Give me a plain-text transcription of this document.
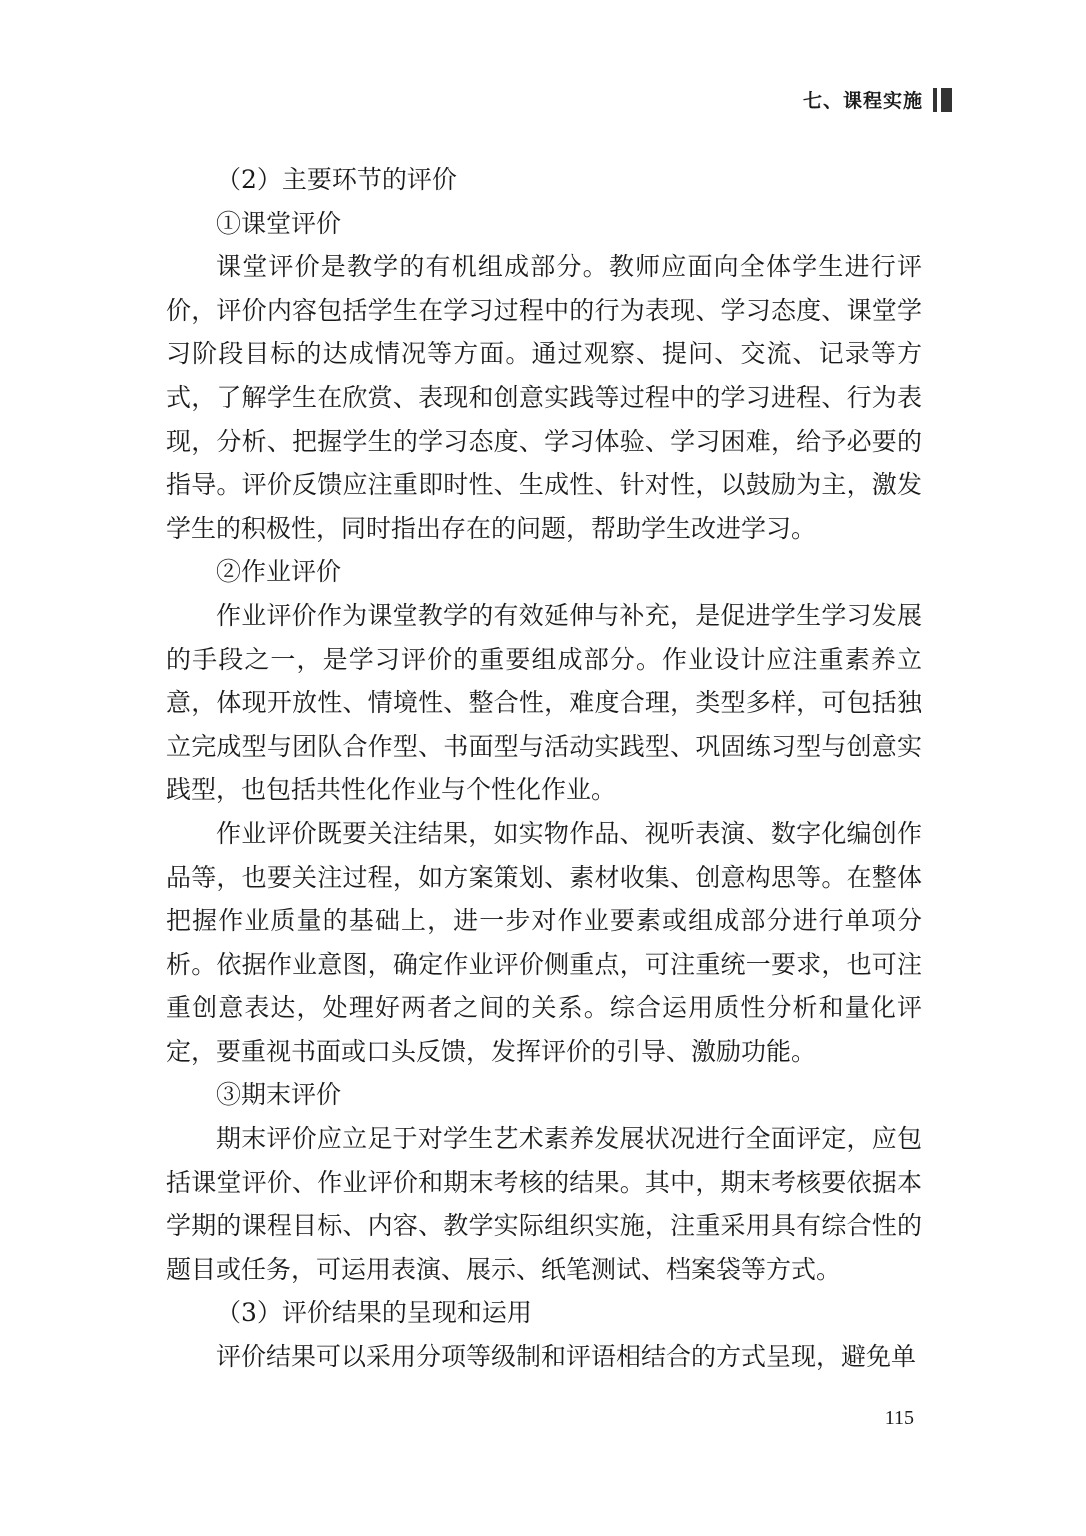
七、课程实施

（2）主要环节的评价

①课堂评价

课堂评价是教学的有机组成部分。教师应面向全体学生进行评价，评价内容包括学生在学习过程中的行为表现、学习态度、课堂学习阶段目标的达成情况等方面。通过观察、提问、交流、记录等方式，了解学生在欣赏、表现和创意实践等过程中的学习进程、行为表现，分析、把握学生的学习态度、学习体验、学习困难，给予必要的指导。评价反馈应注重即时性、生成性、针对性，以鼓励为主，激发学生的积极性，同时指出存在的问题，帮助学生改进学习。

②作业评价

作业评价作为课堂教学的有效延伸与补充，是促进学生学习发展的手段之一，是学习评价的重要组成部分。作业设计应注重素养立意，体现开放性、情境性、整合性，难度合理，类型多样，可包括独立完成型与团队合作型、书面型与活动实践型、巩固练习型与创意实践型，也包括共性化作业与个性化作业。

作业评价既要关注结果，如实物作品、视听表演、数字化编创作品等，也要关注过程，如方案策划、素材收集、创意构思等。在整体把握作业质量的基础上，进一步对作业要素或组成部分进行单项分析。依据作业意图，确定作业评价侧重点，可注重统一要求，也可注重创意表达，处理好两者之间的关系。综合运用质性分析和量化评定，要重视书面或口头反馈，发挥评价的引导、激励功能。

③期末评价

期末评价应立足于对学生艺术素养发展状况进行全面评定，应包括课堂评价、作业评价和期末考核的结果。其中，期末考核要依据本学期的课程目标、内容、教学实际组织实施，注重采用具有综合性的题目或任务，可运用表演、展示、纸笔测试、档案袋等方式。

（3）评价结果的呈现和运用

评价结果可以采用分项等级制和评语相结合的方式呈现，避免单

115
